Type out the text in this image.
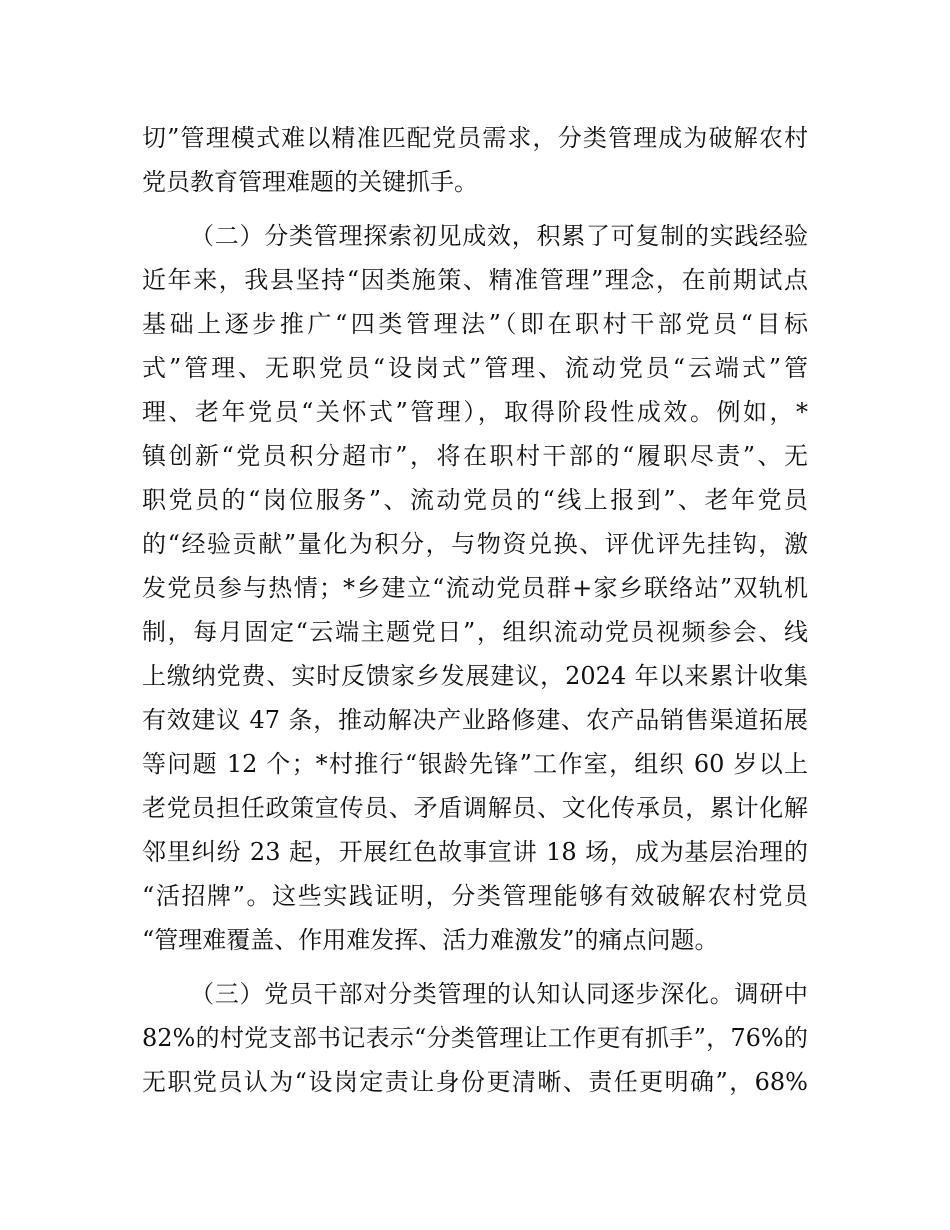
切”管理模式难以精准匹配党员需求，分类管理成为破解农村
党员教育管理难题的关键抓手。
（二）分类管理探索初见成效，积累了可复制的实践经验
近年来，我县坚持“因类施策、精准管理”理念，在前期试点
基础上逐步推广“四类管理法”（即在职村干部党员“目标
式”管理、无职党员“设岗式”管理、流动党员“云端式”管
理、老年党员“关怀式”管理），取得阶段性成效。例如，*
镇创新“党员积分超市”，将在职村干部的“履职尽责”、无
职党员的“岗位服务”、流动党员的“线上报到”、老年党员
的“经验贡献”量化为积分，与物资兑换、评优评先挂钩，激
发党员参与热情；*乡建立“流动党员群+家乡联络站”双轨机
制，每月固定“云端主题党日”，组织流动党员视频参会、线
上缴纳党费、实时反馈家乡发展建议，2024 年以来累计收集
有效建议 47 条，推动解决产业路修建、农产品销售渠道拓展
等问题 12 个；*村推行“银龄先锋”工作室，组织 60 岁以上
老党员担任政策宣传员、矛盾调解员、文化传承员，累计化解
邻里纠纷 23 起，开展红色故事宣讲 18 场，成为基层治理的
“活招牌”。这些实践证明，分类管理能够有效破解农村党员
“管理难覆盖、作用难发挥、活力难激发”的痛点问题。
（三）党员干部对分类管理的认知认同逐步深化。调研中
82%的村党支部书记表示“分类管理让工作更有抓手”，76%的
无职党员认为“设岗定责让身份更清晰、责任更明确”，68%
